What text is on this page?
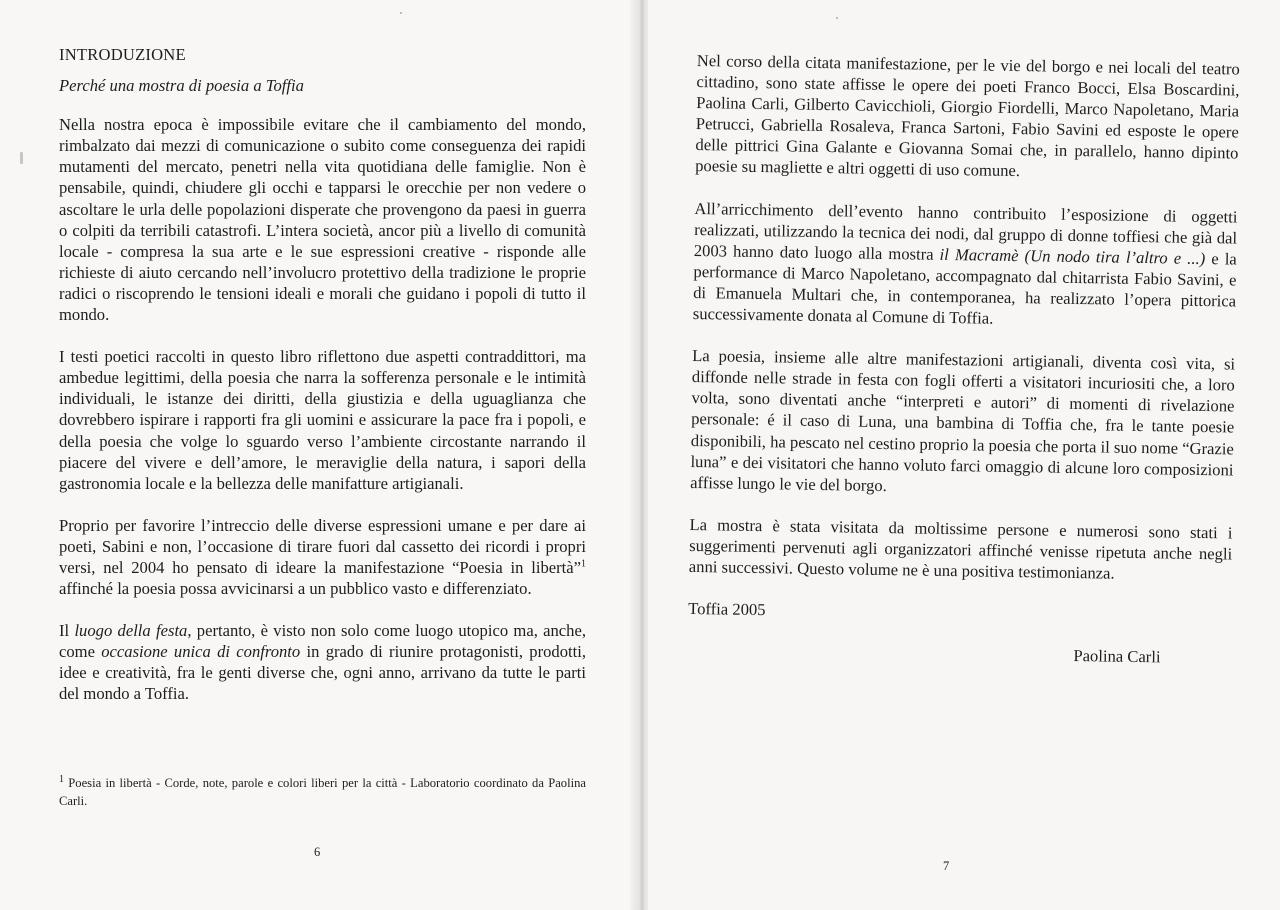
INTRODUZIONE

Perché una mostra di poesia a Toffia

Nella nostra epoca è impossibile evitare che il cambiamento del mondo, rimbalzato dai mezzi di comunicazione o subito come conseguenza dei rapidi mutamenti del mercato, penetri nella vita quotidiana delle famiglie. Non è pensabile, quindi, chiudere gli occhi e tapparsi le orecchie per non vedere o ascoltare le urla delle popolazioni disperate che provengono da paesi in guerra o colpiti da terribili catastrofi. L’intera società, ancor più a livello di comunità locale - compresa la sua arte e le sue espressioni creative - risponde alle richieste di aiuto cercando nell’involucro protettivo della tradizione le proprie radici o riscoprendo le tensioni ideali e morali che guidano i popoli di tutto il mondo.

I testi poetici raccolti in questo libro riflettono due aspetti contraddittori, ma ambedue legittimi, della poesia che narra la sofferenza personale e le intimità individuali, le istanze dei diritti, della giustizia e della uguaglianza che dovrebbero ispirare i rapporti fra gli uomini e assicurare la pace fra i popoli, e della poesia che volge lo sguardo verso l’ambiente circostante narrando il piacere del vivere e dell’amore, le meraviglie della natura, i sapori della gastronomia locale e la bellezza delle manifatture artigianali.

Proprio per favorire l’intreccio delle diverse espressioni umane e per dare ai poeti, Sabini e non, l’occasione di tirare fuori dal cassetto dei ricordi i propri versi, nel 2004 ho pensato di ideare la manifestazione “Poesia in libertà”$^1$ affinché la poesia possa avvicinarsi a un pubblico vasto e differenziato.

Il luogo della festa, pertanto, è visto non solo come luogo utopico ma, anche, come occasione unica di confronto in grado di riunire protagonisti, prodotti, idee e creatività, fra le genti diverse che, ogni anno, arrivano da tutte le parti del mondo a Toffia.

$^1$ Poesia in libertà - Corde, note, parole e colori liberi per la città - Laboratorio coordinato da Paolina Carli.
6

Nel corso della citata manifestazione, per le vie del borgo e nei locali del teatro cittadino, sono state affisse le opere dei poeti Franco Bocci, Elsa Boscardini, Paolina Carli, Gilberto Cavicchioli, Giorgio Fiordelli, Marco Napoletano, Maria Petrucci, Gabriella Rosaleva, Franca Sartoni, Fabio Savini ed esposte le opere delle pittrici Gina Galante e Giovanna Somai che, in parallelo, hanno dipinto poesie su magliette e altri oggetti di uso comune.

All’arricchimento dell’evento hanno contribuito l’esposizione di oggetti realizzati, utilizzando la tecnica dei nodi, dal gruppo di donne toffiesi che già dal 2003 hanno dato luogo alla mostra il Macramè (Un nodo tira l’altro e ...) e la performance di Marco Napoletano, accompagnato dal chitarrista Fabio Savini, e di Emanuela Multari che, in contemporanea, ha realizzato l’opera pittorica successivamente donata al Comune di Toffia.

La poesia, insieme alle altre manifestazioni artigianali, diventa così vita, si diffonde nelle strade in festa con fogli offerti a visitatori incuriositi che, a loro volta, sono diventati anche “interpreti e autori” di momenti di rivelazione personale: é il caso di Luna, una bambina di Toffia che, fra le tante poesie disponibili, ha pescato nel cestino proprio la poesia che porta il suo nome “Grazie luna” e dei visitatori che hanno voluto farci omaggio di alcune loro composizioni affisse lungo le vie del borgo.

La mostra è stata visitata da moltissime persone e numerosi sono stati i suggerimenti pervenuti agli organizzatori affinché venisse ripetuta anche negli anni successivi. Questo volume ne è una positiva testimonianza.

Toffia 2005

Paolina Carli

7
